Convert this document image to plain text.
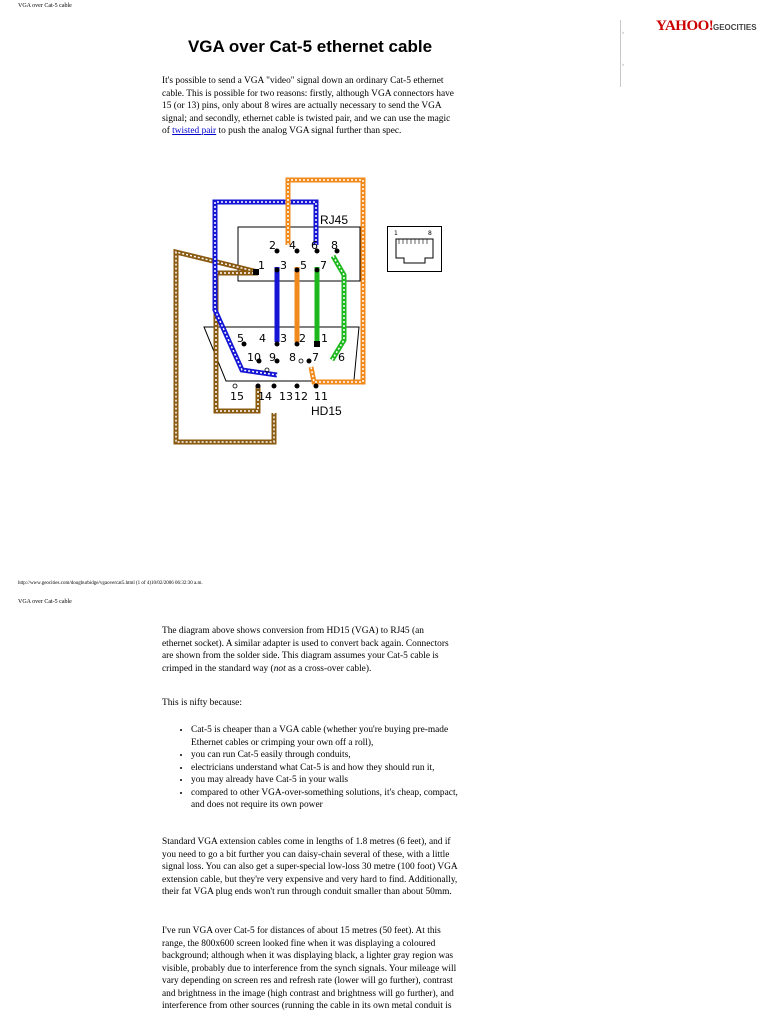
VGA over Cat-5 cable
›
›
YAHOO! GEOCITIES
VGA over Cat-5 ethernet cable
It's possible to send a VGA "video" signal down an ordinary Cat-5 ethernet cable. This is possible for two reasons: firstly, although VGA connectors have 15 (or 13) pins, only about 8 wires are actually necessary to send the VGA signal; and secondly, ethernet cable is twisted pair, and we can use the magic of twisted pair to push the analog VGA signal further than spec.
RJ45
HD15
2 4 6 8
1 3 5 7
5 4 3 2 1
10 9 8 7 6
15 14 13 12 11
1	8
http://www.geocities.com/dougburbidge/vgaovercat5.html (1 of 4)10/02/2006 06:32:30 a.m.
VGA over Cat-5 cable
The diagram above shows conversion from HD15 (VGA) to RJ45 (an ethernet socket). A similar adapter is used to convert back again. Connectors are shown from the solder side. This diagram assumes your Cat-5 cable is crimped in the standard way (not as a cross-over cable).
This is nifty because:
• Cat-5 is cheaper than a VGA cable (whether you're buying pre-made Ethernet cables or crimping your own off a roll),
• you can run Cat-5 easily through conduits,
• electricians understand what Cat-5 is and how they should run it,
• you may already have Cat-5 in your walls
• compared to other VGA-over-something solutions, it's cheap, compact, and does not require its own power
Standard VGA extension cables come in lengths of 1.8 metres (6 feet), and if you need to go a bit further you can daisy-chain several of these, with a little signal loss. You can also get a super-special low-loss 30 metre (100 foot) VGA extension cable, but they're very expensive and very hard to find. Additionally, their fat VGA plug ends won't run through conduit smaller than about 50mm.
I've run VGA over Cat-5 for distances of about 15 metres (50 feet). At this range, the 800x600 screen looked fine when it was displaying a coloured background; although when it was displaying black, a lighter gray region was visible, probably due to interference from the synch signals. Your mileage will vary depending on screen res and refresh rate (lower will go further), contrast and brightness in the image (high contrast and brightness will go further), and interference from other sources (running the cable in its own metal conduit is
